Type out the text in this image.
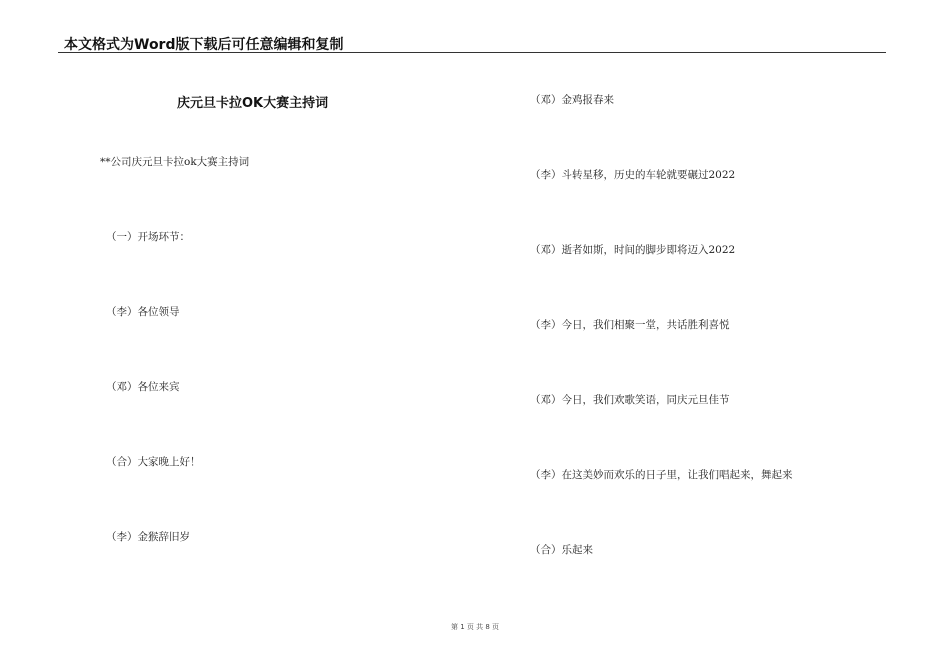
本文格式为Word版下载后可任意编辑和复制
庆元旦卡拉OK大赛主持词
**公司庆元旦卡拉ok大赛主持词
（一）开场环节：
（李）各位领导
（邓）各位来宾
（合）大家晚上好！
（李）金猴辞旧岁
（邓）金鸡报春来
（李）斗转星移，历史的车轮就要碾过2022
（邓）逝者如斯，时间的脚步即将迈入2022
（李）今日，我们相聚一堂，共话胜利喜悦
（邓）今日，我们欢歌笑语，同庆元旦佳节
（李）在这美妙而欢乐的日子里，让我们唱起来，舞起来
（合）乐起来
第 1 页 共 8 页
